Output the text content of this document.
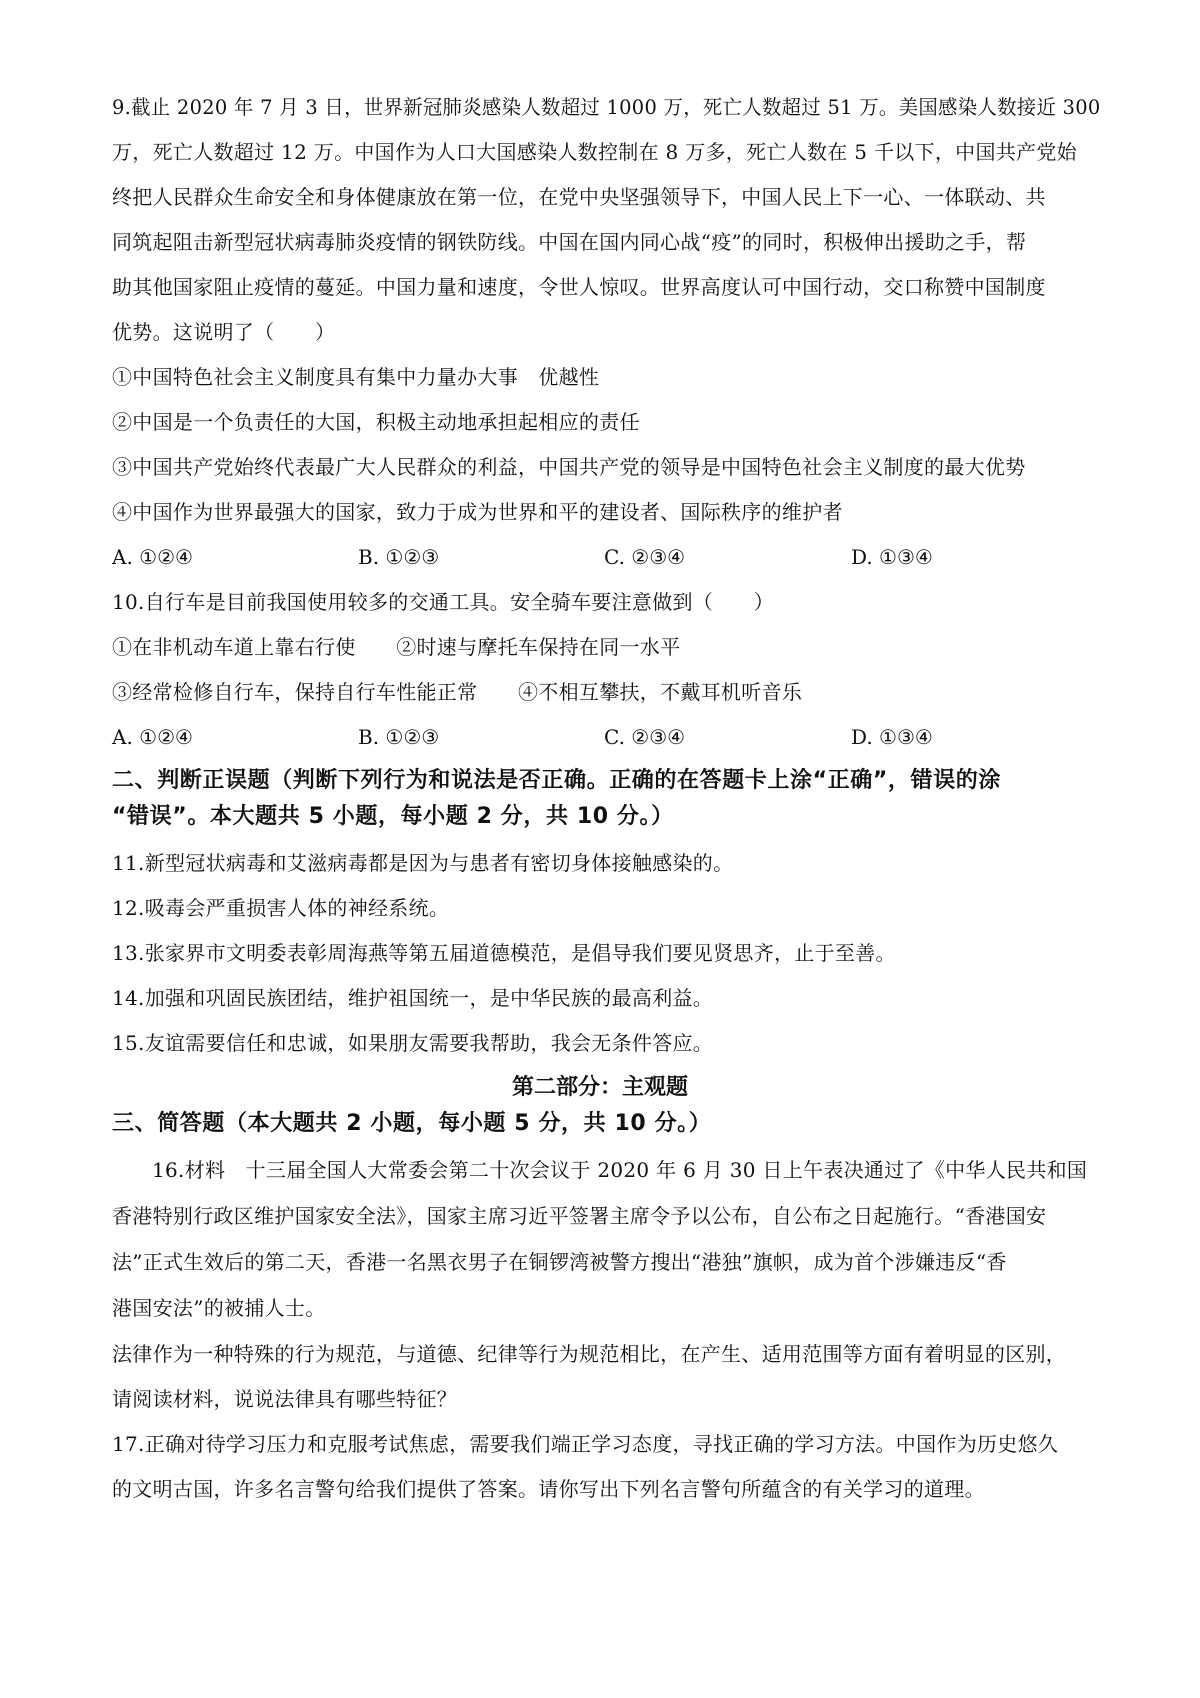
9.截止 2020 年 7 月 3 日，世界新冠肺炎感染人数超过 1000 万，死亡人数超过 51 万。美国感染人数接近 300
万，死亡人数超过 12 万。中国作为人口大国感染人数控制在 8 万多，死亡人数在 5 千以下，中国共产党始
终把人民群众生命安全和身体健康放在第一位，在党中央坚强领导下，中国人民上下一心、一体联动、共
同筑起阻击新型冠状病毒肺炎疫情的钢铁防线。中国在国内同心战“疫”的同时，积极伸出援助之手，帮
助其他国家阻止疫情的蔓延。中国力量和速度，令世人惊叹。世界高度认可中国行动，交口称赞中国制度
优势。这说明了（　　）
①中国特色社会主义制度具有集中力量办大事　优越性
②中国是一个负责任的大国，积极主动地承担起相应的责任
③中国共产党始终代表最广大人民群众的利益，中国共产党的领导是中国特色社会主义制度的最大优势
④中国作为世界最强大的国家，致力于成为世界和平的建设者、国际秩序的维护者
A. ①②④	B. ①②③	C. ②③④	D. ①③④
10.自行车是目前我国使用较多的交通工具。安全骑车要注意做到（　　）
①在非机动车道上靠右行使　　②时速与摩托车保持在同一水平
③经常检修自行车，保持自行车性能正常　　④不相互攀扶，不戴耳机听音乐
A. ①②④	B. ①②③	C. ②③④	D. ①③④
二、判断正误题（判断下列行为和说法是否正确。正确的在答题卡上涂“正确”，错误的涂
“错误”。本大题共 5 小题，每小题 2 分，共 10 分。）
11.新型冠状病毒和艾滋病毒都是因为与患者有密切身体接触感染的。
12.吸毒会严重损害人体的神经系统。
13.张家界市文明委表彰周海燕等第五届道德模范，是倡导我们要见贤思齐，止于至善。
14.加强和巩固民族团结，维护祖国统一，是中华民族的最高利益。
15.友谊需要信任和忠诚，如果朋友需要我帮助，我会无条件答应。
第二部分：主观题
三、简答题（本大题共 2 小题，每小题 5 分，共 10 分。）
16.材料　十三届全国人大常委会第二十次会议于 2020 年 6 月 30 日上午表决通过了《中华人民共和国
香港特别行政区维护国家安全法》，国家主席习近平签署主席令予以公布，自公布之日起施行。“香港国安
法”正式生效后的第二天，香港一名黑衣男子在铜锣湾被警方搜出“港独”旗帜，成为首个涉嫌违反“香
港国安法”的被捕人士。
法律作为一种特殊的行为规范，与道德、纪律等行为规范相比，在产生、适用范围等方面有着明显的区别，
请阅读材料，说说法律具有哪些特征？
17.正确对待学习压力和克服考试焦虑，需要我们端正学习态度，寻找正确的学习方法。中国作为历史悠久
的文明古国，许多名言警句给我们提供了答案。请你写出下列名言警句所蕴含的有关学习的道理。
